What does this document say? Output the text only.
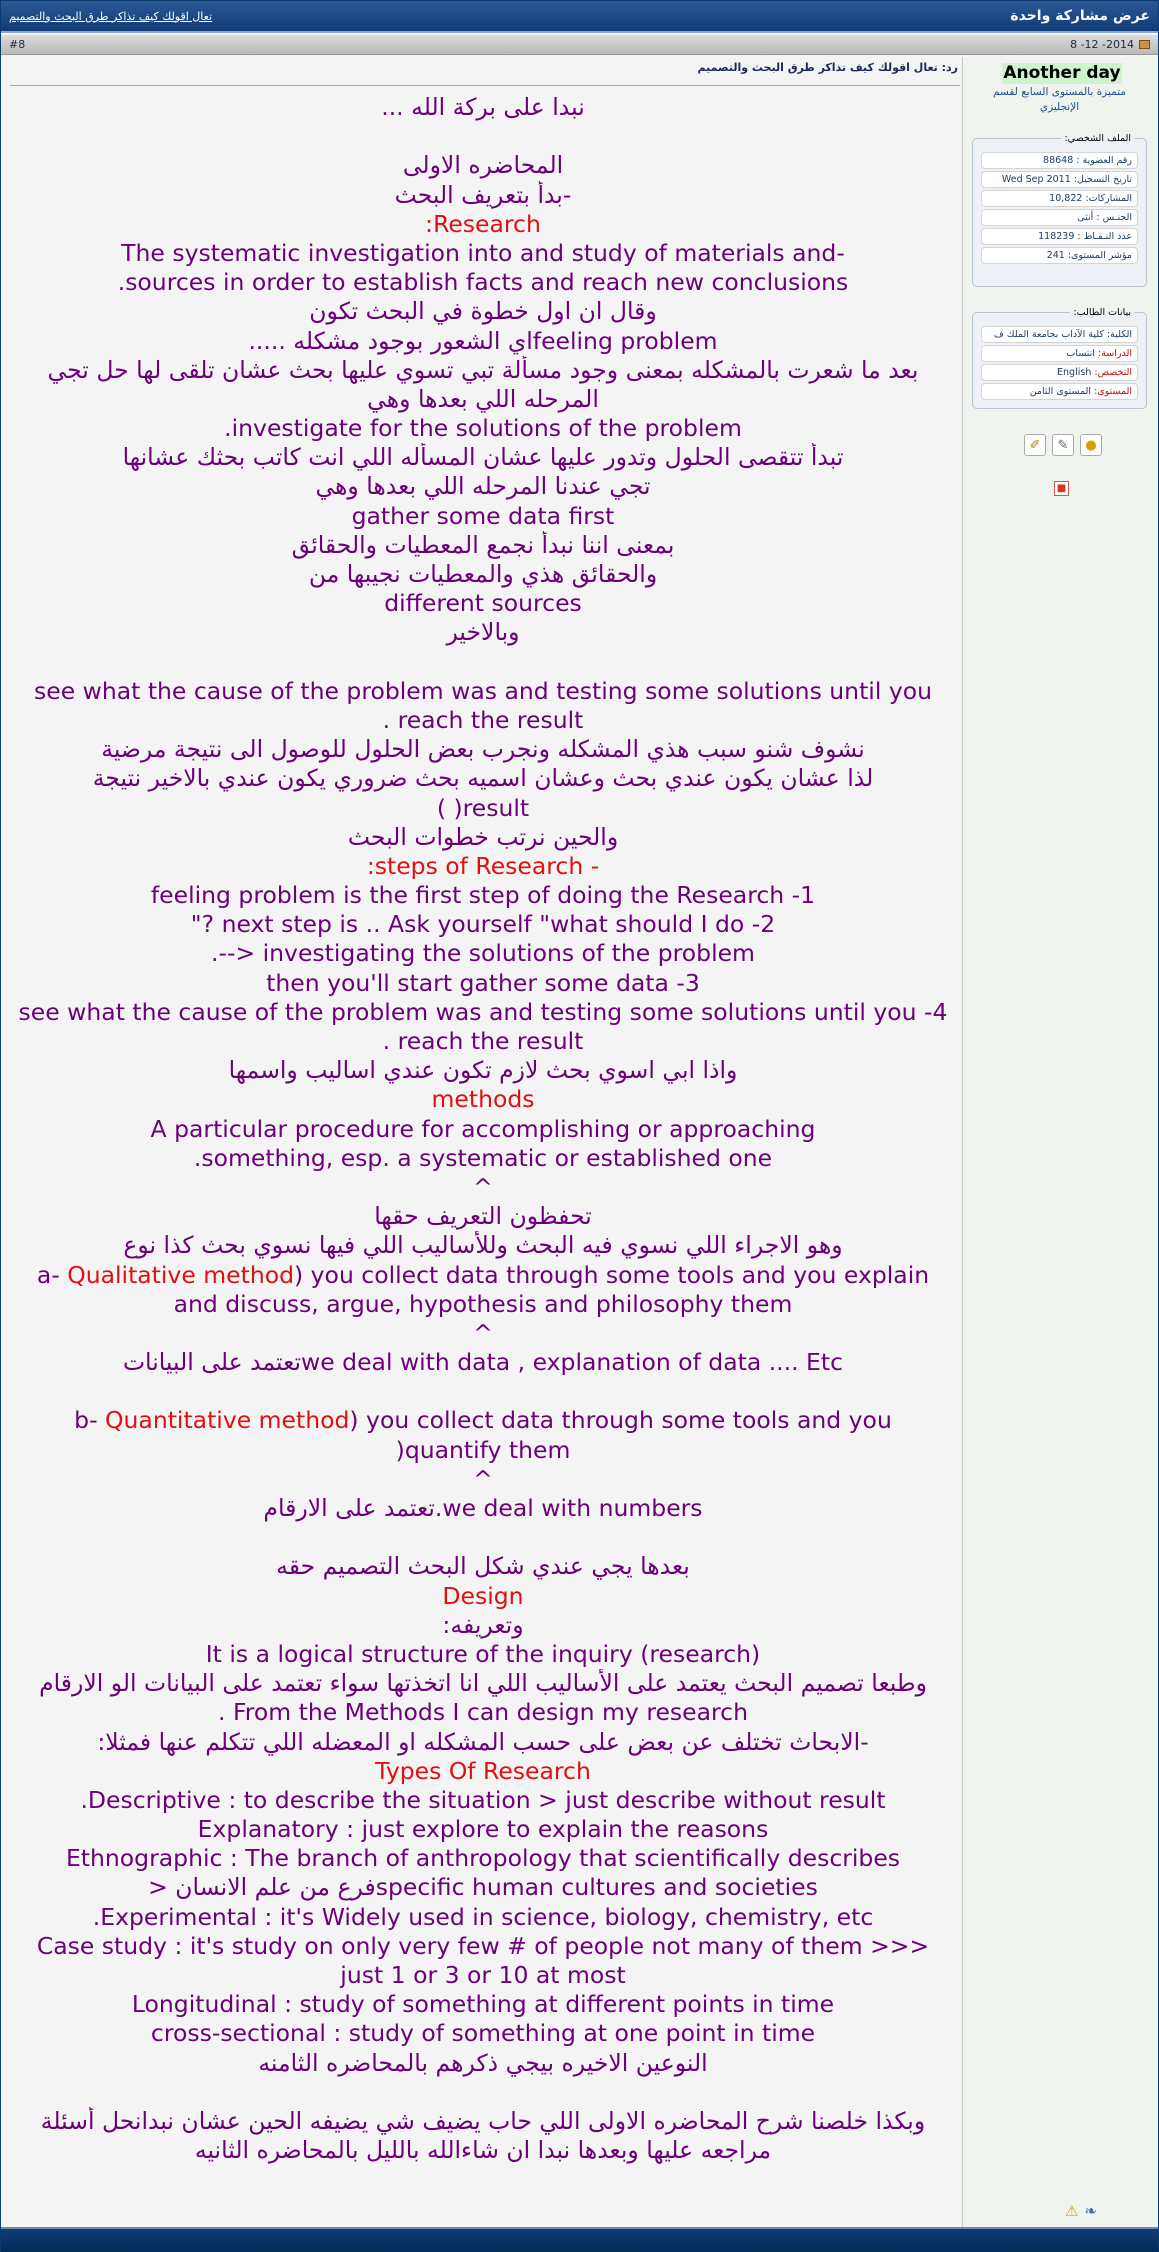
تعال اقولك كيف تذاكر طرق البحث والتصميم	عرض مشاركة واحدة
#8	8 -12 -2014
رد: تعال اقولك كيف تذاكر طرق البحث والتصميم
نبدا على بركة الله ...
المحاضره الاولى
-بدأ بتعريف البحث
Research:
The systematic investigation into and study of materials and-
sources in order to establish facts and reach new conclusions.
وقال ان اول خطوة في البحث تكون
feeling problemاي الشعور بوجود مشكله .....
بعد ما شعرت بالمشكله بمعنى وجود مسألة تبي تسوي عليها بحث عشان تلقى لها حل تجي
المرحله اللي بعدها وهي
investigate for the solutions of the problem.
تبدأ تتقصى الحلول وتدور عليها عشان المسأله اللي انت كاتب بحثك عشانها
تجي عندنا المرحله اللي بعدها وهي
gather some data first
بمعنى اننا نبدأ نجمع المعطيات والحقائق
والحقائق هذي والمعطيات نجيبها من
different sources
وبالاخير
see what the cause of the problem was and testing some solutions until you
reach the result .
نشوف شنو سبب هذي المشكله ونجرب بعض الحلول للوصول الى نتيجة مرضية
لذا عشان يكون عندي بحث وعشان اسميه بحث ضروري يكون عندي بالاخير نتيجة
result( )
والحين نرتب خطوات البحث
- steps of Research:
feeling problem is the first step of doing the Research -1
next step is .. Ask yourself "what should I do -2 ?"
investigating the solutions of the problem <--.
then you'll start gather some data -3
see what the cause of the problem was and testing some solutions until you -4
reach the result .
واذا ابي اسوي بحث لازم تكون عندي اساليب واسمها
methods
A particular procedure for accomplishing or approaching
something, esp. a systematic or established one.
^
تحفظون التعريف حقها
وهو الاجراء اللي نسوي فيه البحث وللأساليب اللي فيها نسوي بحث كذا نوع
a- Qualitative method) you collect data through some tools and you explain
and discuss, argue, hypothesis and philosophy them
^
we deal with data , explanation of data .... Etcتعتمد على البيانات
b- Quantitative method) you collect data through some tools and you
quantify them(
^
we deal with numbers.تعتمد على الارقام
بعدها يجي عندي شكل البحث التصميم حقه
Design
وتعريفه:
It is a logical structure of the inquiry (research)
وطبعا تصميم البحث يعتمد على الأساليب اللي انا اتخذتها سواء تعتمد على البيانات الو الارقام
From the Methods I can design my research .
-الابحاث تختلف عن بعض على حسب المشكله او المعضله اللي تتكلم عنها فمثلا:
Types Of Research
Descriptive : to describe the situation > just describe without result.
Explanatory : just explore to explain the reasons
Ethnographic : The branch of anthropology that scientifically describes
specific human cultures and societiesفرع من علم الانسان <
Experimental : it's Widely used in science, biology, chemistry, etc.
Case study : it's study on only very few # of people not many of them >>>
just 1 or 3 or 10 at most
Longitudinal : study of something at different points in time
cross-sectional : study of something at one point in time
النوعين الاخيره بيجي ذكرهم بالمحاضره الثامنه
وبكذا خلصنا شرح المحاضره الاولى اللي حاب يضيف شي يضيفه الحين عشان نبدانحل أسئلة
مراجعه عليها وبعدها نبدا ان شاءالله بالليل بالمحاضره الثانيه
Another day
متميزة بالمستوى السابع لقسم الإنجليزي
الملف الشخصي:
رقم العضوية : 88648
تاريخ التسجيل: Wed Sep 2011
المشاركات: 10,822
الجنـس : أنثى
عدد النـقـاط : 118239
مؤشر المستوى: 241
بيانات الطالب:
الكلية: كلية الآداب بجامعة الملك ف
الدراسة: انتساب
التخصص: English
المستوى: المستوى الثامن
●
✎
✐
■
❧
⚠
